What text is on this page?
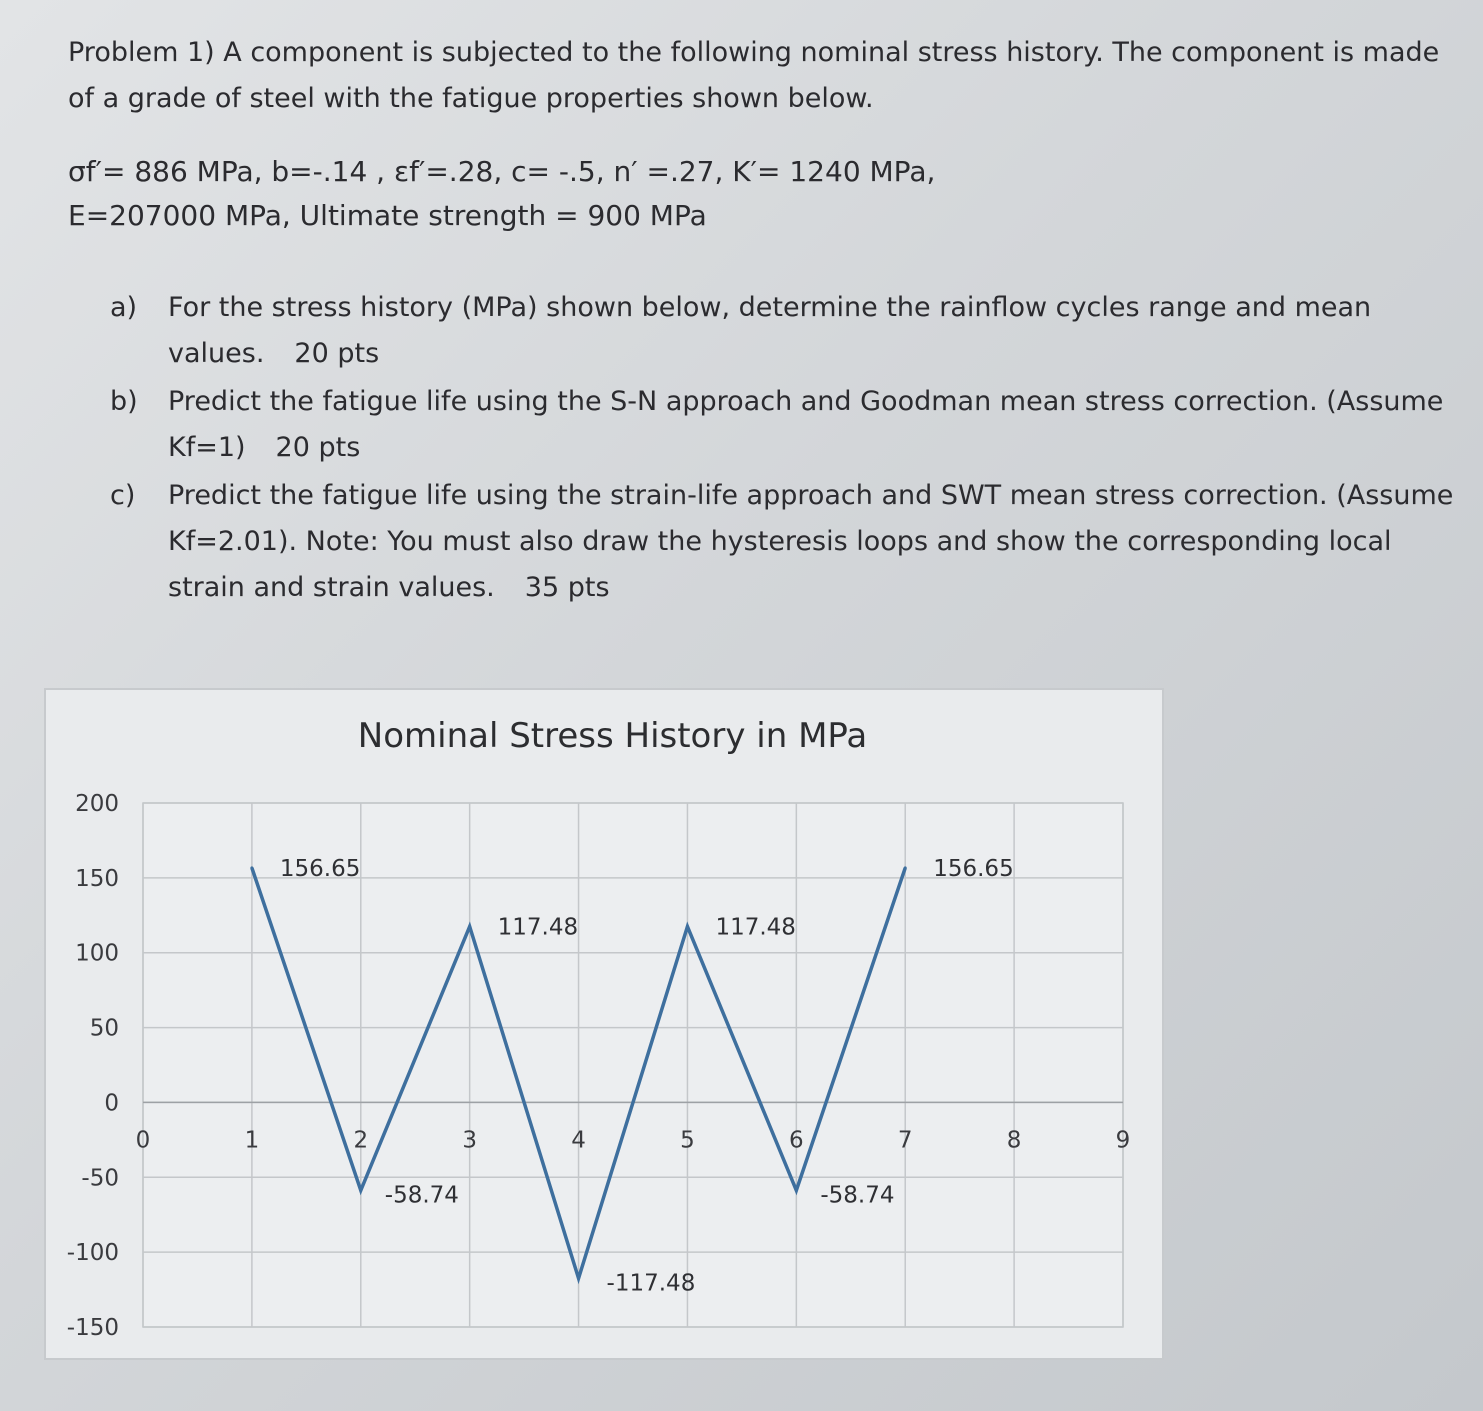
Problem 1) A component is subjected to the following nominal stress history. The component is made of a grade of steel with the fatigue properties shown below.
σf′= 886 MPa, b=-.14 , εf′=.28, c= -.5, n′ =.27, K′= 1240 MPa,
E=207000 MPa, Ultimate strength = 900 MPa
a)	For the stress history (MPa) shown below, determine the rainflow cycles range and mean values. 20 pts
b)	Predict the fatigue life using the S-N approach and Goodman mean stress correction. (Assume Kf=1) 20 pts
c)	Predict the fatigue life using the strain-life approach and SWT mean stress correction. (Assume Kf=2.01). Note: You must also draw the hysteresis loops and show the corresponding local strain and strain values. 35 pts
Nominal Stress History in MPa
200
150
100
50
0
-50
-100
-150
0	1	2	3	4	5	6	7	8	9
156.65
-58.74
117.48
-117.48
117.48
-58.74
156.65
